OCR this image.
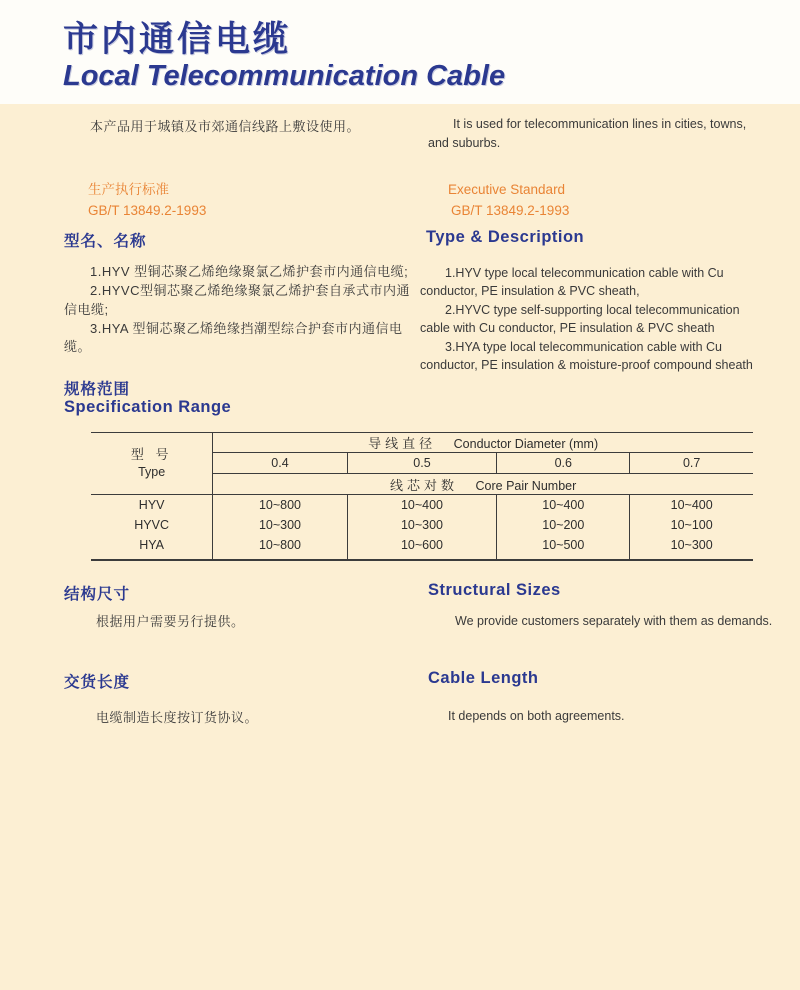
市内通信电缆
Local Telecommunication Cable

本产品用于城镇及市郊通信线路上敷设使用。	It is used for telecommunication lines in cities, towns, and suburbs.

生产执行标准
GB/T 13849.2-1993
Executive Standard
GB/T 13849.2-1993
型名、名称	Type & Description

1.HYV 型铜芯聚乙烯绝缘聚氯乙烯护套市内通信电缆;

2.HYVC型铜芯聚乙烯绝缘聚氯乙烯护套自承式市内通信电缆;

3.HYA 型铜芯聚乙烯绝缘挡潮型综合护套市内通信电缆。

1.HYV type local telecommunication cable with Cu conductor, PE insulation & PVC sheath,

2.HYVC type self-supporting local telecommunication cable with Cu conductor, PE insulation & PVC sheath

3.HYA type local telecommunication cable with Cu conductor, PE insulation & moisture-proof compound sheath

规格范围
Specification Range
型 号
Type	导线直径 Conductor Diameter (mm)			
	0.4	0.5	0.6	0.7
	线芯对数 Core Pair Number			
HYV	10~800	10~400	10~400	10~400
HYVC	10~300	10~300	10~200	10~100
HYA	10~800	10~600	10~500	10~300
结构尺寸	Structural Sizes

根据用户需要另行提供。	We provide customers separately with them as demands.

交货长度	Cable Length

电缆制造长度按订货协议。	It depends on both agreements.
